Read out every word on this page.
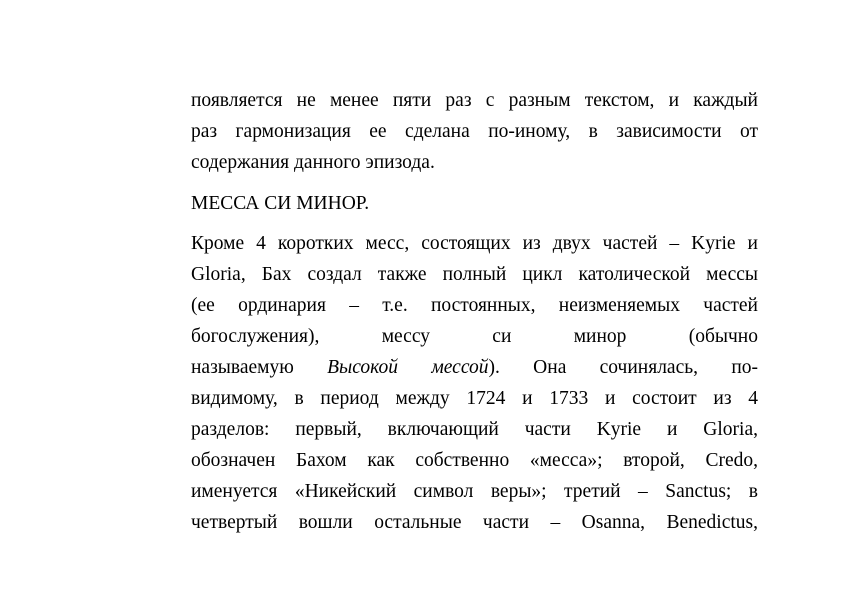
появляется не менее пяти раз с разным текстом, и каждый
раз гармонизация ее сделана по-иному, в зависимости от
содержания данного эпизода.
МЕССА СИ МИНОР.
Кроме 4 коротких месс, состоящих из двух частей – Kyrie и
Gloria, Бах создал также полный цикл католической мессы
(ее ординария – т.е. постоянных, неизменяемых частей
богослужения), мессу си минор (обычно
называемую Высокой мессой). Она сочинялась, по-
видимому, в период между 1724 и 1733 и состоит из 4
разделов: первый, включающий части Kyrie и Gloria,
обозначен Бахом как собственно «месса»; второй, Credo,
именуется «Никейский символ веры»; третий – Sanctus; в
четвертый вошли остальные части – Osanna, Benedictus,
